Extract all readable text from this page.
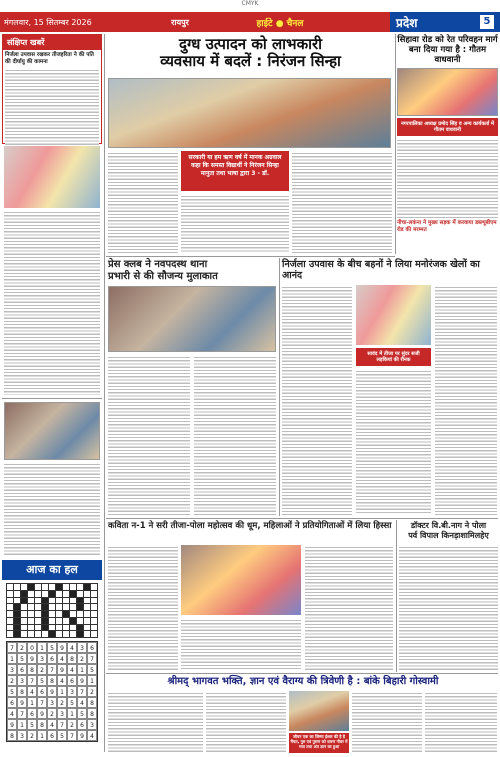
CMYK
मंगलवार, 15 सितम्बर 2026	रायपुर	हाईटे ● चैनल	प्रदेश	5
संक्षिप्त खबरें
निर्जला उपवास रखकर तीजहरिता ने की पति की दीर्घायु की कामना
आज का हल
7	2	0	1	5	9	4	3	6
1	5	9	3	6	4	8	2	7
3	6	8	2	7	9	4	1	5
2	3	7	5	8	4	6	9	1
5	8	4	6	9	1	3	7	2
6	9	1	7	3	2	5	4	8
4	7	6	9	2	3	1	5	8
9	1	5	8	4	7	2	6	3
8	3	2	1	6	5	7	9	4
दुग्ध उत्पादन को लाभकारी
व्यवसाय में बदलें : निरंजन सिन्हा
सरकारी या हम ऋण वर्ष में मानक अग्रवाल कहा कि समस्त विद्यार्थी ने निरंजन सिन्हा मानुता तथा भाषा द्वारा 3 - डॉ.
सिहावा रोड को रेत परिवहन मार्ग
बना दिया गया है : गौतम वाधवानी
नगरपालिका अध्यक्ष प्रमोद सिंह व अन्य कार्यकर्ता में गौतम वाधवानी
नीचा-लकंना ने मुख्य सड़क में करवाया डब्ल्यूबीएम रोड की मरम्मत
प्रेस क्लब ने नवपदस्थ थाना
प्रभारी से की सौजन्य मुलाकात
निर्जला उपवास के बीच बहनों ने लिया मनोरंजक खेलों का आनंद
सावंद में तीजा पर सुंदर सजी लड़कियां की रौनक
कविता न-1 ने सरी तीजा-पोला महोत्सव की धूम, महिलाओं ने प्रतियोगिताओं में लिया हिस्सा	डॉक्टर वि.बी.नाग ने पोला
पर्व विपाल किनड़ाशामिलहेए
श्रीमद् भागवत भक्ति, ज्ञान एवं वैराग्य की त्रिवेणी है : बांके बिहारी गोस्वामी
जीवन एक का जिम्मा ईश्वर की है है मैंचत, गुरु एवं पुराण को धारण नीवर में भाव तथा अंत ज्ञान का हुआ
